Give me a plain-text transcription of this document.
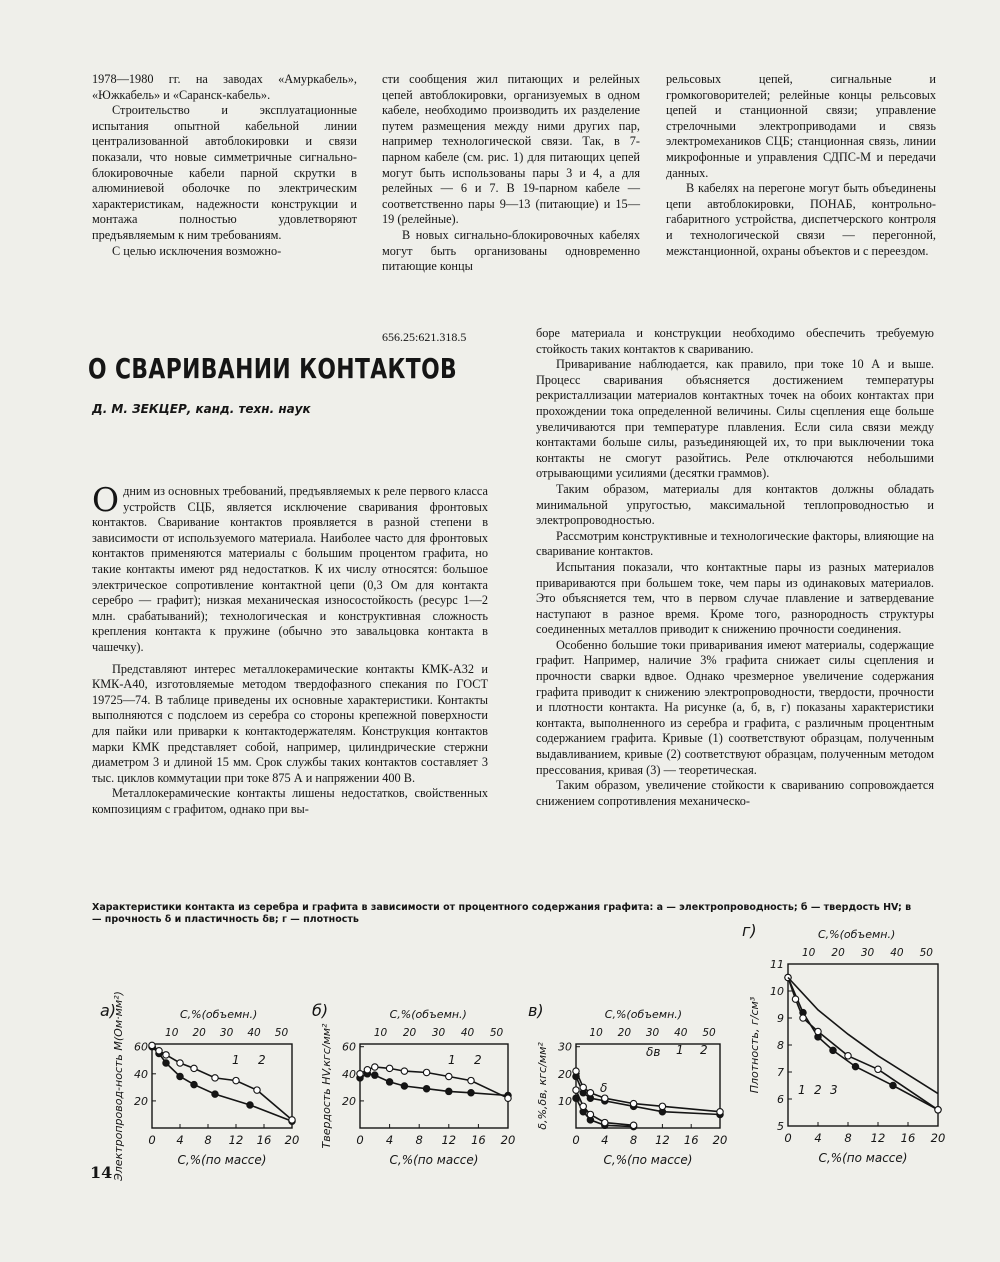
1978—1980 гг. на заводах «Амуркабель», «Южкабель» и «Саранск-кабель».

Строительство и эксплуатационные испытания опытной кабельной линии централизованной автоблокировки и связи показали, что новые симметричные сигнально-блокировочные кабели парной скрутки в алюминиевой оболочке по электрическим характеристикам, надежности конструкции и монтажа полностью удовлетворяют предъявляемым к ним требованиям.

С целью исключения возможно-

сти сообщения жил питающих и релейных цепей автоблокировки, организуемых в одном кабеле, необходимо производить их разделение путем размещения между ними других пар, например технологической связи. Так, в 7-парном кабеле (см. рис. 1) для питающих цепей могут быть использованы пары 3 и 4, а для релейных — 6 и 7. В 19-парном кабеле — соответственно пары 9—13 (питающие) и 15—19 (релейные).

В новых сигнально-блокировочных кабелях могут быть организованы одновременно питающие концы

рельсовых цепей, сигнальные и громкоговорителей; релейные концы рельсовых цепей и станционной связи; управление стрелочными электроприводами и связь электромехаников СЦБ; станционная связь, линии микрофонные и управления СДПС-М и передачи данных.

В кабелях на перегоне могут быть объединены цепи автоблокировки, ПОНАБ, контрольно-габаритного устройства, диспетчерского контроля и технологической связи — перегонной, межстанционной, охраны объектов и с переездом.

656.25:621.318.5
О СВАРИВАНИИ КОНТАКТОВ
Д. М. ЗЕКЦЕР, канд. техн. наук

Одним из основных требований, предъявляемых к реле первого класса устройств СЦБ, является исключение сваривания фронтовых контактов. Сваривание контактов проявляется в разной степени в зависимости от используемого материала. Наиболее часто для фронтовых контактов применяются материалы с большим процентом графита, но такие контакты имеют ряд недостатков. К их числу относятся: большое электрическое сопротивление контактной цепи (0,3 Ом для контакта серебро — графит); низкая механическая износостойкость (ресурс 1—2 млн. срабатываний); технологическая и конструктивная сложность крепления контакта к пружине (обычно это завальцовка контакта в чашечку).

Представляют интерес металлокерамические контакты КМК-А32 и КМК-А40, изготовляемые методом твердофазного спекания по ГОСТ 19725—74. В таблице приведены их основные характеристики. Контакты выполняются с подслоем из серебра со стороны крепежной поверхности для пайки или приварки к контактодержателям. Конструкция контактов марки КМК представляет собой, например, цилиндрические стержни диаметром 3 и длиной 15 мм. Срок службы таких контактов составляет 3 тыс. циклов коммутации при токе 875 А и напряжении 400 В.

Металлокерамические контакты лишены недостатков, свойственных композициям с графитом, однако при вы-

боре материала и конструкции необходимо обеспечить требуемую стойкость таких контактов к свариванию.

Приваривание наблюдается, как правило, при токе 10 А и выше. Процесс сваривания объясняется достижением температуры рекристаллизации материалов контактных точек на обоих контактах при прохождении тока определенной величины. Силы сцепления еще больше увеличиваются при температуре плавления. Если сила связи между контактами больше силы, разъединяющей их, то при выключении тока контакты не смогут разойтись. Реле отключаются небольшими отрывающими усилиями (десятки граммов).

Таким образом, материалы для контактов должны обладать минимальной упругостью, максимальной теплопроводностью и электропроводностью.

Рассмотрим конструктивные и технологические факторы, влияющие на сваривание контактов.

Испытания показали, что контактные пары из разных материалов привариваются при большем токе, чем пары из одинаковых материалов. Это объясняется тем, что в первом случае плавление и затвердевание наступают в разное время. Кроме того, разнородность структуры соединенных металлов приводит к снижению прочности соединения.

Особенно большие токи приваривания имеют материалы, содержащие графит. Например, наличие 3% графита снижает силы сцепления и прочности сварки вдвое. Однако чрезмерное увеличение содержания графита приводит к снижению электропроводности, твердости, прочности и плотности контакта. На рисунке (а, б, в, г) показаны характеристики контакта, выполненного из серебра и графита, с различным процентным содержанием графита. Кривые (1) соответствуют образцам, полученным выдавливанием, кривые (2) соответствуют образцам, полученным методом прессования, кривая (3) — теоретическая.

Таким образом, увеличение стойкости к свариванию сопровождается снижением сопротивления механическо-

Характеристики контакта из серебра и графита в зависимости от процентного содержания графита: а — электропроводность; б — твердость HV; в — прочность δ и пластичность δв; г — плотность
а)	C,%(объемн.)
10 20 30 40 50
0 4 8 12 16 20
20
40
60
C,%(по массе)
Электропровод-ность М(Ом·мм²)	1 2
б)	C,%(объемн.)
10 20 30 40 50
0 4 8 12 16 20
20
40
60
C,%(по массе)
Твердость HV,кгс/мм²	1 2
в)	C,%(объемн.)
10 20 30 40 50
0 4 8 12 16 20
10
20
30
C,%(по массе)
δ,%,δв, кгс/мм²	δв 1 2
δ
г)	C,%(объемн.)
10 20 30 40 50
0 4 8 12 16 20
5
6
7
8
9
10
11
C,%(по массе)
Плотность, г/см³	1 2 3
14
